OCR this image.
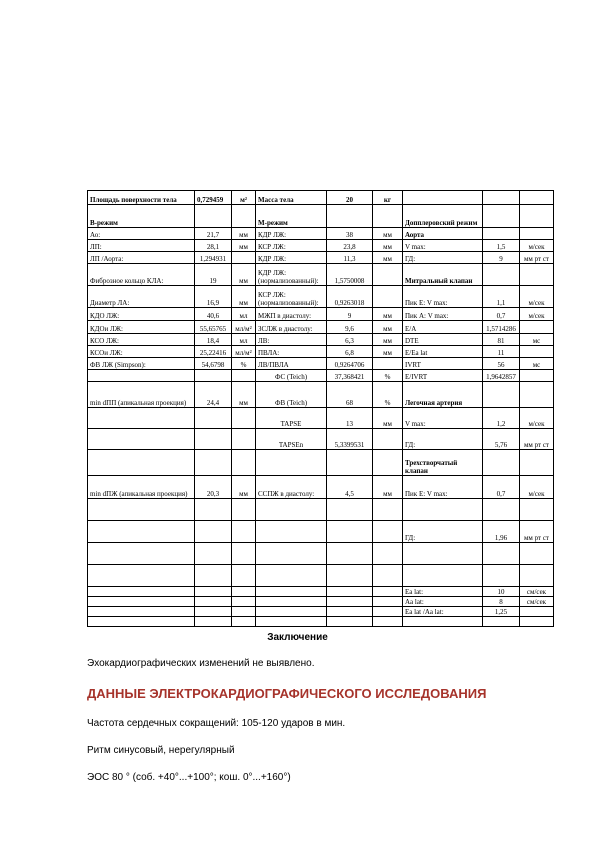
Площадь поверхности тела	0,729459	м²	Масса тела	20	кг			
В-режим			М-режим			Допплеровский режим		
Ао:	21,7	мм	КДР ЛЖ:	38	мм	Аорта		
ЛП:	28,1	мм	КСР ЛЖ:	23,8	мм	V max:	1,5	м/сек
ЛП /Аорта:	1,294931		КДР ЛЖ:	11,3	мм	ГД:	9	мм рт ст
Фиброзное кольцо КЛА:	19	мм	КДР ЛЖ: (нормализованный):	1,5750008		Митральный клапан		
Диаметр ЛА:	16,9	мм	КСР ЛЖ: (нормализованный):	0,9263018		Пик Е: V max:	1,1	м/сек
КДО ЛЖ:	40,6	мл	МЖП в диастолу:	9	мм	Пик А: V max:	0,7	м/сек
КДОи ЛЖ:	55,65765	мл/м²	ЗСЛЖ в диастолу:	9,6	мм	E/A	1,5714286	
КСО ЛЖ:	18,4	мл	ЛВ:	6,3	мм	DTE	81	мс
КСОи ЛЖ:	25,22416	мл/м²	ПВЛА:	6,8	мм	E/Ea lat	11	
ФВ ЛЖ (Simpson):	54,6798	%	ЛВ/ПВЛА	0,9264706		IVRT	56	мс
			ФС (Teich)	37,368421	%	E/IVRT	1,9642857	
min dПП (апикальная проекция)	24,4	мм	ФВ (Teich)	68	%	Легочная артерия		
			TAPSE	13	мм	V max:	1,2	м/сек
			TAPSEn	5,3399531		ГД:	5,76	мм рт ст
						Трехстворчатый клапан		
min dПЖ (апикальная проекция)	20,3	мм	ССПЖ в диастолу:	4,5	мм	Пик Е: V max:	0,7	м/сек

						ГД:	1,96	мм рт ст

						Ea lat:	10	см/сек
						Aa lat:	8	см/сек
						Ea lat /Aa lat:	1,25	

Заключение
Эхокардиографических изменений не выявлено.
ДАННЫЕ ЭЛЕКТРОКАРДИОГРАФИЧЕСКОГО ИССЛЕДОВАНИЯ
Частота сердечных сокращений: 105-120 ударов в мин.
Ритм синусовый, нерегулярный
ЭОС 80 ° (соб. +40°...+100°; кош. 0°...+160°)
